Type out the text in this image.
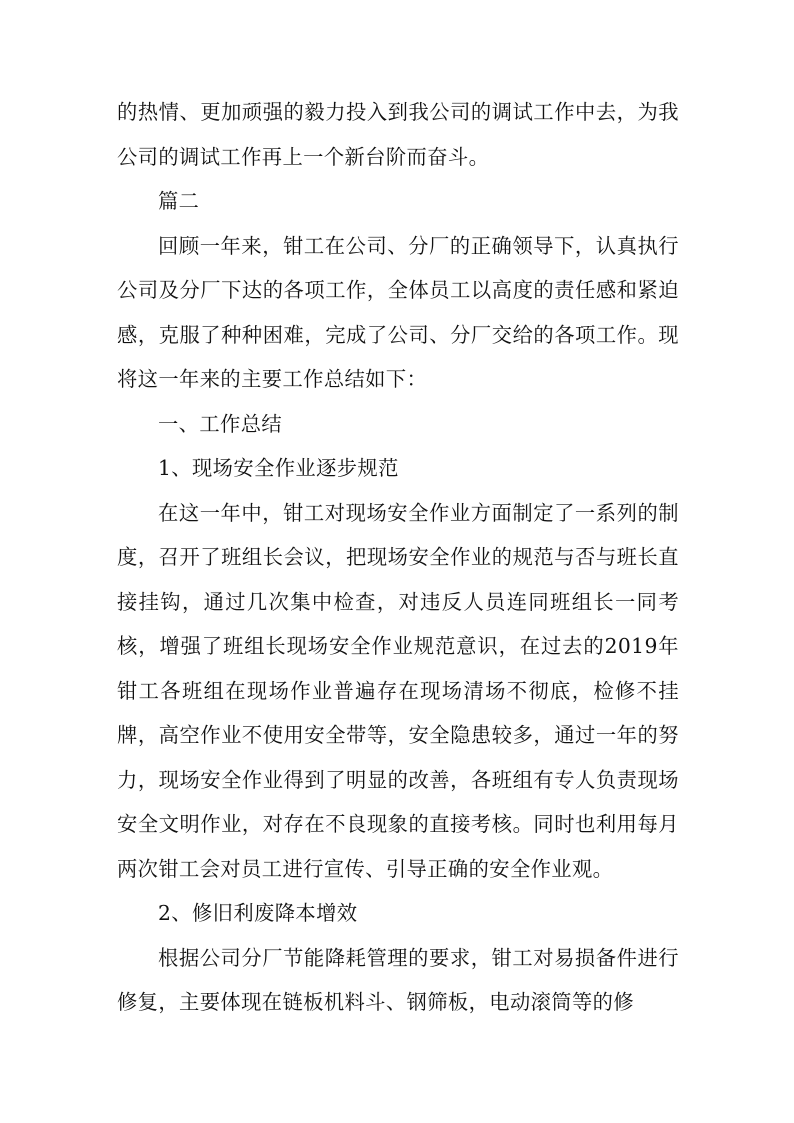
的热情、更加顽强的毅力投入到我公司的调试工作中去，为我公司的调试工作再上一个新台阶而奋斗。

篇二

回顾一年来，钳工在公司、分厂的正确领导下，认真执行公司及分厂下达的各项工作，全体员工以高度的责任感和紧迫感，克服了种种困难，完成了公司、分厂交给的各项工作。现将这一年来的主要工作总结如下：

一、工作总结

1、现场安全作业逐步规范

在这一年中，钳工对现场安全作业方面制定了一系列的制度，召开了班组长会议，把现场安全作业的规范与否与班长直接挂钩，通过几次集中检查，对违反人员连同班组长一同考核，增强了班组长现场安全作业规范意识，在过去的2019年钳工各班组在现场作业普遍存在现场清场不彻底，检修不挂牌，高空作业不使用安全带等，安全隐患较多，通过一年的努力，现场安全作业得到了明显的改善，各班组有专人负责现场安全文明作业，对存在不良现象的直接考核。同时也利用每月两次钳工会对员工进行宣传、引导正确的安全作业观。

2、修旧利废降本增效

根据公司分厂节能降耗管理的要求，钳工对易损备件进行修复，主要体现在链板机料斗、钢筛板，电动滚筒等的修
